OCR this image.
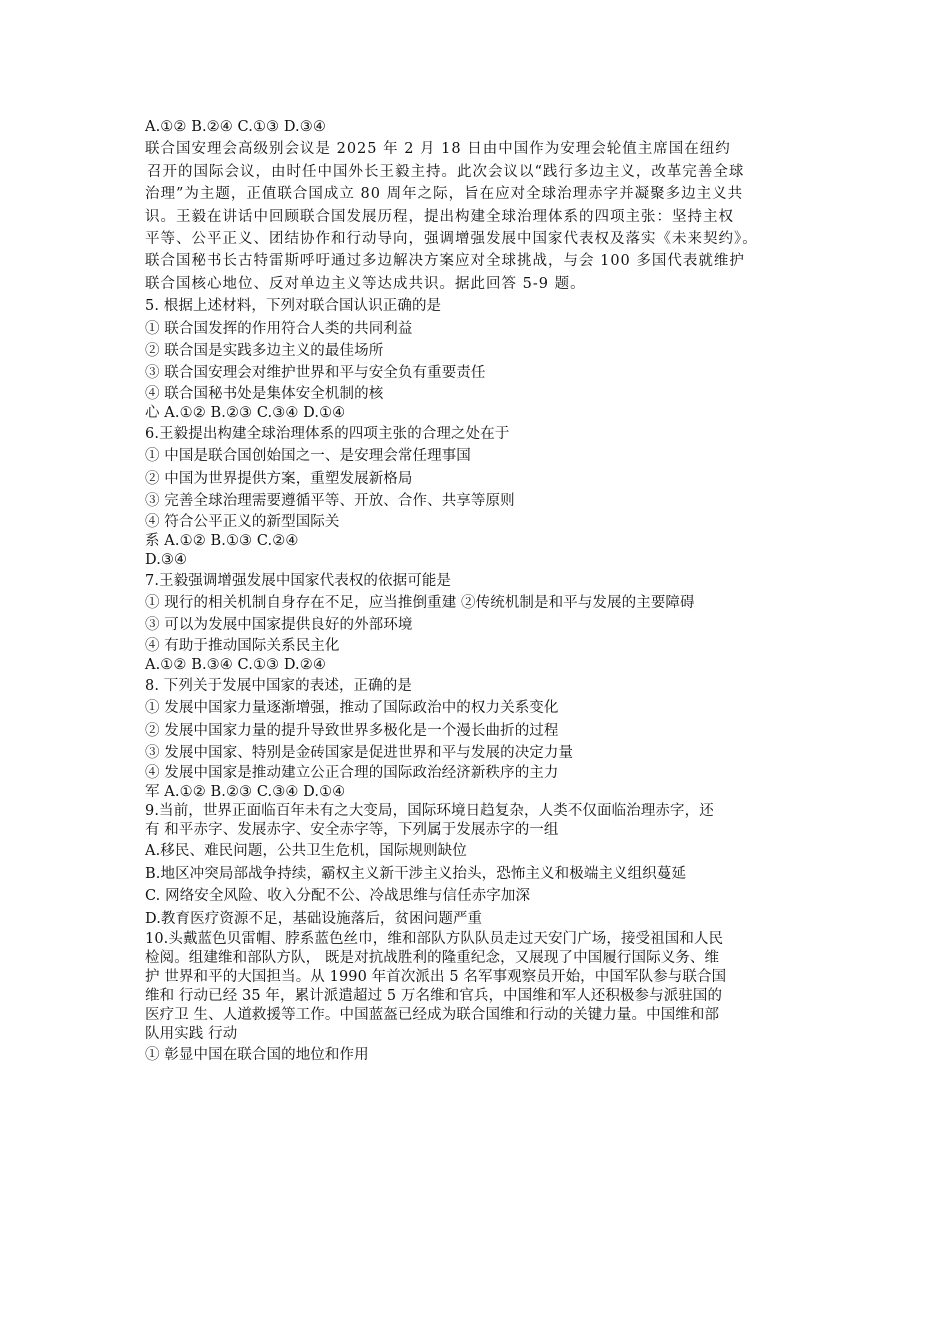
A.①② B.②④ C.①③ D.③④
联合国安理会高级别会议是 2025 年 2 月 18 日由中国作为安理会轮值主席国在纽约
召开的国际会议，由时任中国外长王毅主持。此次会议以“践行多边主义，改革完善全球
治理”为主题，正值联合国成立 80 周年之际，旨在应对全球治理赤字并凝聚多边主义共
识。王毅在讲话中回顾联合国发展历程，提出构建全球治理体系的四项主张：坚持主权
平等、公平正义、团结协作和行动导向，强调增强发展中国家代表权及落实《未来契约》。
联合国秘书长古特雷斯呼吁通过多边解决方案应对全球挑战，与会 100 多国代表就维护
联合国核心地位、反对单边主义等达成共识。据此回答 5-9 题。
5. 根据上述材料，下列对联合国认识正确的是
① 联合国发挥的作用符合人类的共同利益
② 联合国是实践多边主义的最佳场所
③ 联合国安理会对维护世界和平与安全负有重要责任
④ 联合国秘书处是集体安全机制的核
心 A.①② B.②③ C.③④ D.①④
6.王毅提出构建全球治理体系的四项主张的合理之处在于
① 中国是联合国创始国之一、是安理会常任理事国
② 中国为世界提供方案，重塑发展新格局
③ 完善全球治理需要遵循平等、开放、合作、共享等原则
④ 符合公平正义的新型国际关
系 A.①② B.①③ C.②④
D.③④
7.王毅强调增强发展中国家代表权的依据可能是
① 现行的相关机制自身存在不足，应当推倒重建 ②传统机制是和平与发展的主要障碍
③ 可以为发展中国家提供良好的外部环境
④ 有助于推动国际关系民主化
A.①② B.③④ C.①③ D.②④
8. 下列关于发展中国家的表述，正确的是
① 发展中国家力量逐渐增强，推动了国际政治中的权力关系变化
② 发展中国家力量的提升导致世界多极化是一个漫长曲折的过程
③ 发展中国家、特别是金砖国家是促进世界和平与发展的决定力量
④ 发展中国家是推动建立公正合理的国际政治经济新秩序的主力
军 A.①② B.②③ C.③④ D.①④
9.当前，世界正面临百年未有之大变局，国际环境日趋复杂，人类不仅面临治理赤字，还
有 和平赤字、发展赤字、安全赤字等，下列属于发展赤字的一组
A.移民、难民问题，公共卫生危机，国际规则缺位
B.地区冲突局部战争持续，霸权主义新干涉主义抬头，恐怖主义和极端主义组织蔓延
C. 网络安全风险、收入分配不公、冷战思维与信任赤字加深
D.教育医疗资源不足，基础设施落后，贫困问题严重
10.头戴蓝色贝雷帽、脖系蓝色丝巾，维和部队方队队员走过天安门广场，接受祖国和人民
检阅。组建维和部队方队， 既是对抗战胜利的隆重纪念，又展现了中国履行国际义务、维
护 世界和平的大国担当。从 1990 年首次派出 5 名军事观察员开始，中国军队参与联合国
维和 行动已经 35 年，累计派遣超过 5 万名维和官兵，中国维和军人还积极参与派驻国的
医疗卫 生、人道救援等工作。中国蓝盔已经成为联合国维和行动的关键力量。中国维和部
队用实践 行动
① 彰显中国在联合国的地位和作用
